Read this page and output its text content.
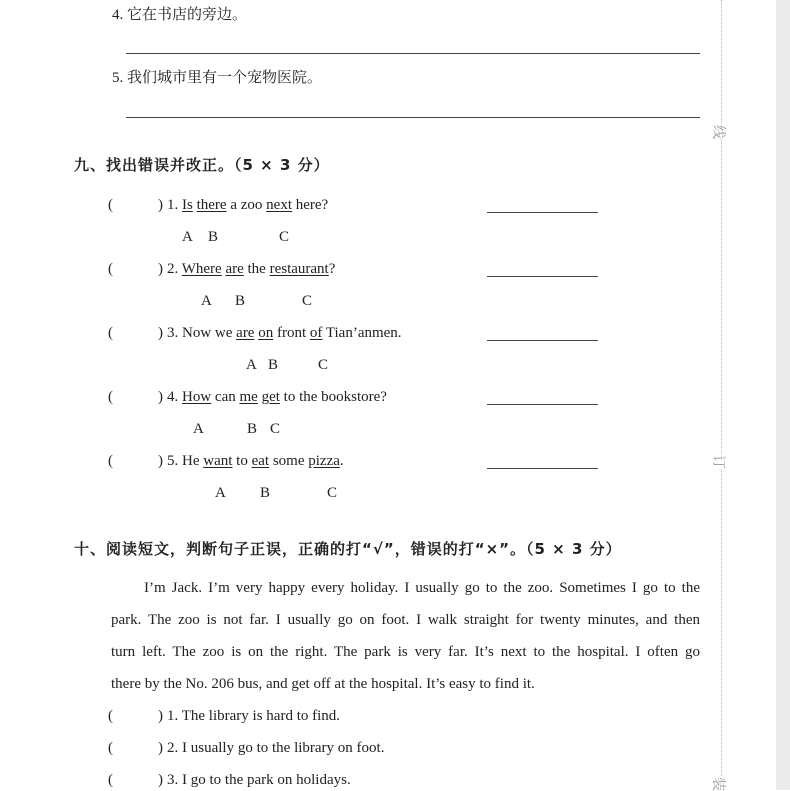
线
订
装
4. 它在书店的旁边。
5. 我们城市里有一个宠物医院。
九、找出错误并改正。（5 × 3 分）
(　　　) 1. Is there a zoo next here?
A B	C
(　　　) 2. Where are the restaurant?
A B	C
(　　　) 3. Now we are on front of Tian’anmen.
A B	C
(　　　) 4. How can me get to the bookstore?
A	B C
(　　　) 5. He want to eat some pizza.
A B	C
十、阅读短文，判断句子正误，正确的打“√”，错误的打“×”。（5 × 3 分）
I’m Jack. I’m very happy every holiday. I usually go to the zoo. Sometimes I go to the
park. The zoo is not far. I usually go on foot. I walk straight for twenty minutes, and then
turn left. The zoo is on the right. The park is very far. It’s next to the hospital. I often go
there by the No. 206 bus, and get off at the hospital. It’s easy to find it.
(　　　) 1. The library is hard to find.
(　　　) 2. I usually go to the library on foot.
(　　　) 3. I go to the park on holidays.
